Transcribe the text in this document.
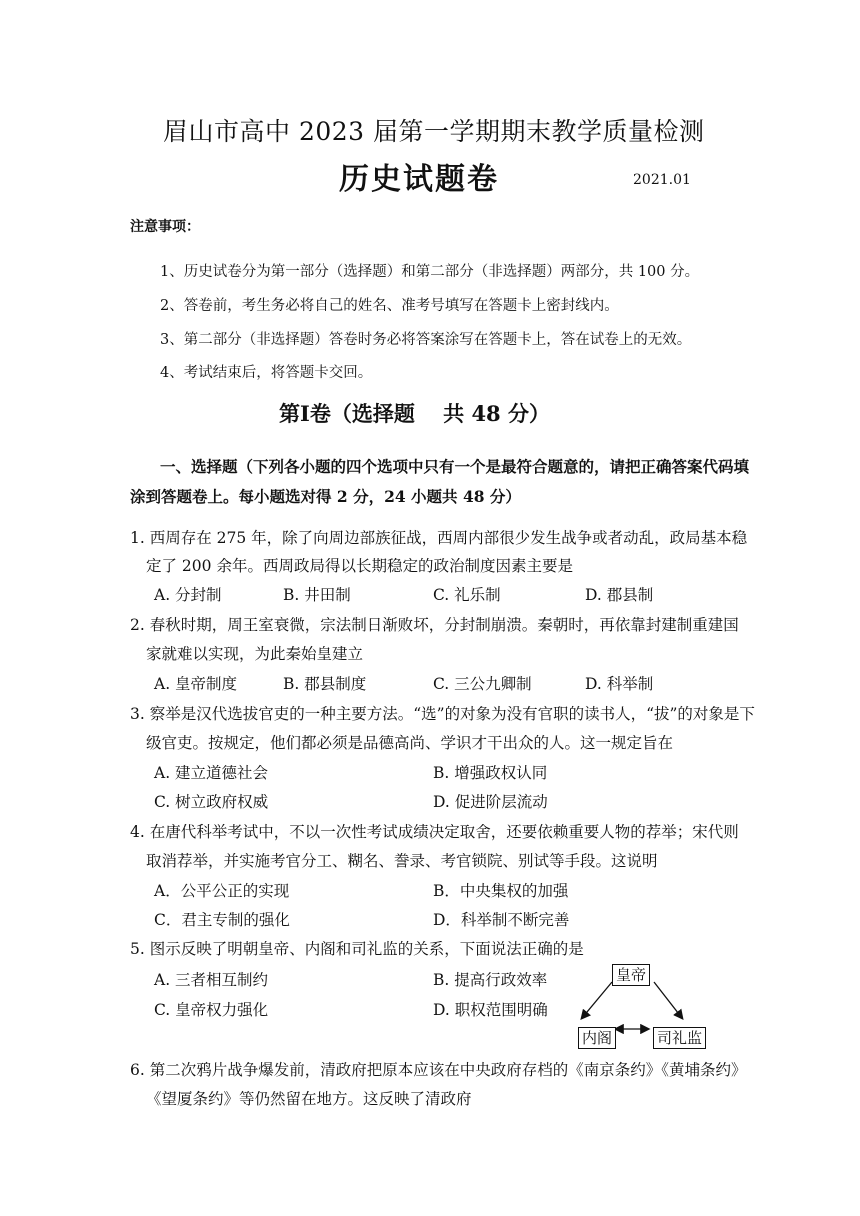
眉山市高中 2023 届第一学期期末教学质量检测
历史试题卷	2021.01
注意事项：
1、历史试卷分为第一部分（选择题）和第二部分（非选择题）两部分，共 100 分。
2、答卷前，考生务必将自己的姓名、准考号填写在答题卡上密封线内。
3、第二部分（非选择题）答卷时务必将答案涂写在答题卡上，答在试卷上的无效。
4、考试结束后，将答题卡交回。
第Ⅰ卷（选择题　 共 48 分）
一、选择题（下列各小题的四个选项中只有一个是最符合题意的，请把正确答案代码填
涂到答题卷上。每小题选对得 2 分，24 小题共 48 分）
1. 西周存在 275 年，除了向周边部族征战，西周内部很少发生战争或者动乱，政局基本稳
定了 200 余年。西周政局得以长期稳定的政治制度因素主要是
A. 分封制	B. 井田制	C. 礼乐制	D. 郡县制
2. 春秋时期，周王室衰微，宗法制日渐败坏，分封制崩溃。秦朝时，再依靠封建制重建国
家就难以实现，为此秦始皇建立
A. 皇帝制度	B. 郡县制度	C. 三公九卿制	D. 科举制
3. 察举是汉代选拔官吏的一种主要方法。“选”的对象为没有官职的读书人，“拔”的对象是下
级官吏。按规定，他们都必须是品德高尚、学识才干出众的人。这一规定旨在
A. 建立道德社会	B. 增强政权认同
C. 树立政府权威	D. 促进阶层流动
4. 在唐代科举考试中，不以一次性考试成绩决定取舍，还要依赖重要人物的荐举；宋代则
取消荐举，并实施考官分工、糊名、誊录、考官锁院、别试等手段。这说明
A．公平公正的实现	B．中央集权的加强
C．君主专制的强化	D．科举制不断完善
5. 图示反映了明朝皇帝、内阁和司礼监的关系，下面说法正确的是
A. 三者相互制约	B. 提高行政效率
C. 皇帝权力强化	D. 职权范围明确
皇帝
内阁	司礼监
6. 第二次鸦片战争爆发前，清政府把原本应该在中央政府存档的《南京条约》《黄埔条约》
《望厦条约》等仍然留在地方。这反映了清政府
